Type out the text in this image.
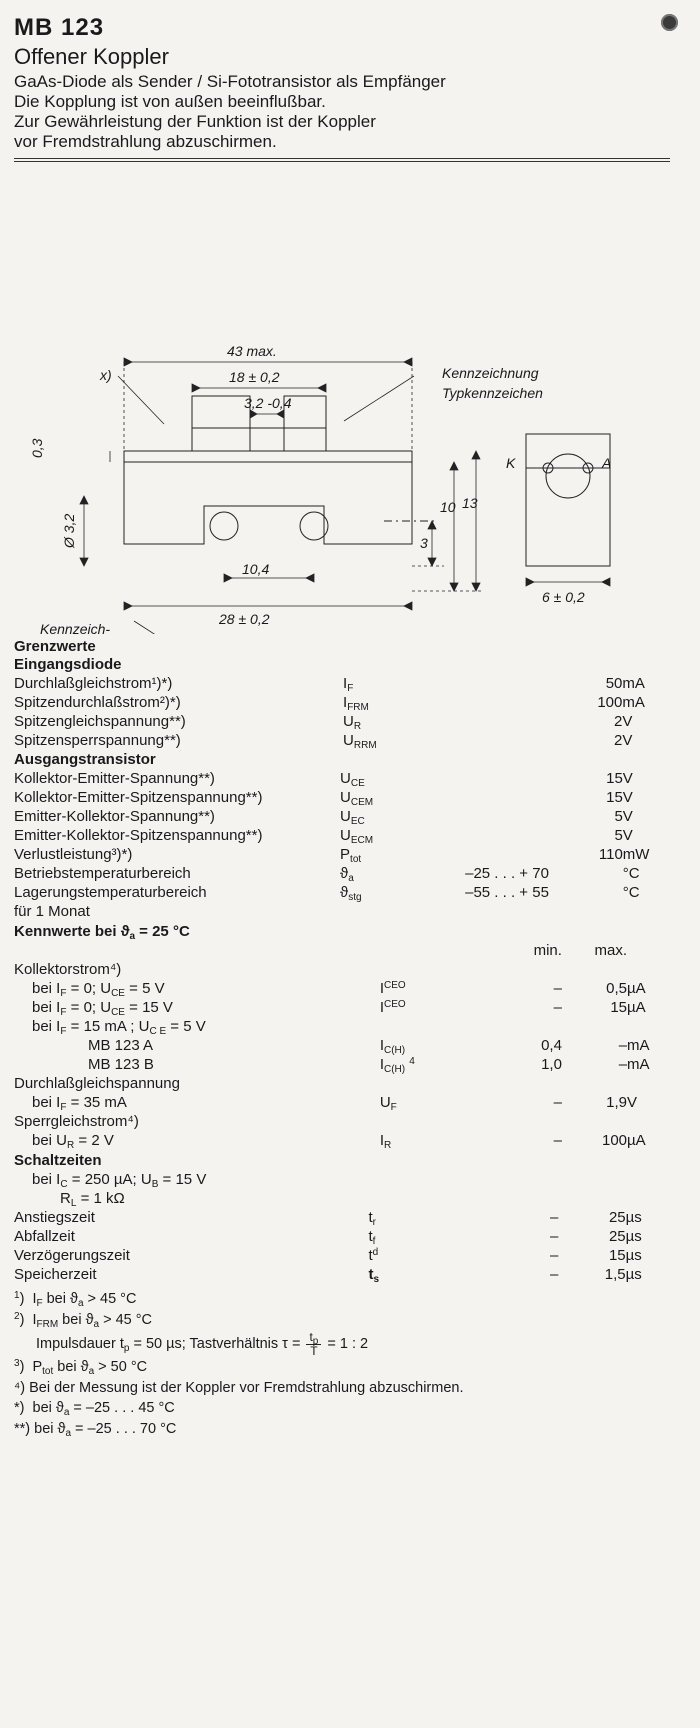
MB 123
Offener Koppler

GaAs-Diode als Sender / Si-Fototransistor als Empfänger

Die Kopplung ist von außen beeinflußbar.

Zur Gewährleistung der Funktion ist der Koppler

vor Fremdstrahlung abzuschirmen.

43 max.
18 ± 0,2
3,2 -0,4
x)
0,3
Ø 3,2
10,4
28 ± 0,2
13
10
3
6 ± 0,2
K	A
Kennzeichnung
Typkennzeichen
Kennzeich-
Grenzwerte
Eingangsdiode
Durchlaßgleichstrom¹)*)	$I_F$		50	mA
Spitzendurchlaßstrom²)*)	$I_{FRM}$		100	mA
Spitzengleichspannung**)	$U_R$		2	V
Spitzensperrspannung**)	$U_{RRM}$		2	V
Ausgangstransistor
Kollektor-Emitter-Spannung**)	$U_{CE}$		15	V
Kollektor-Emitter-Spitzenspannung**)	$U_{CEM}$		15	V
Emitter-Kollektor-Spannung**)	$U_{EC}$		5	V
Emitter-Kollektor-Spitzenspannung**)	$U_{ECM}$		5	V
Verlustleistung³)*)	$P_{tot}$		110	mW
Betriebstemperaturbereich	$ϑ_a$	–25 . . . + 70		°C
Lagerungstemperaturbereich	$ϑ_{stg}$	–55 . . . + 55		°C
für 1 Monat				
Kennwerte bei $ϑ_a = 25$ °C
		min.	max.	
Kollektorstrom⁴)				
bei $I_F = 0$; $U_{CE} = 5$ V	$I^{CEO}$	–	0,5	µA
bei $I_F = 0$; $U_{CE} = 15$ V	$I^{CEO}$	–	15	µA
bei $I_F = 15$ mA ; $U_{C E} = 5$ V				
MB 123 A	$I_{C(H)}$	0,4	–	mA
MB 123 B	$I_{C(H)}$ $^4$	1,0	–	mA
Durchlaßgleichspannung				
bei $I_F = 35$ mA	$U_F$	–	1,9	V
Sperrgleichstrom⁴)				
bei $U_R = 2$ V	$I_R$	–	100	µA
Schaltzeiten
bei $I_C = 250$ µA; $U_B = 15$ V				
$R_L = 1$ kΩ				
Anstiegszeit	$t_r$	–	25	µs
Abfallzeit	$t_f$	–	25	µs
Verzögerungszeit	$t^d$	–	15	µs
Speicherzeit	$t_s$	–	1,5	µs
$^1$)  $I_F$ bei $ϑ_a > 45$ °C
$^2$)  $I_{FRM}$ bei $ϑ_a > 45$ °C
Impulsdauer $t_p = 50$ µs; Tastverhältnis $\tau = \frac{t_p}{T} = 1$ : 2
$^3$)  $P_{tot}$ bei $ϑ_a > 50$ °C
⁴) Bei der Messung ist der Koppler vor Fremdstrahlung abzuschirmen.
*)  bei $ϑ_a = -25$ . . . 45 °C
**) bei $ϑ_a = -25$ . . . 70 °C
